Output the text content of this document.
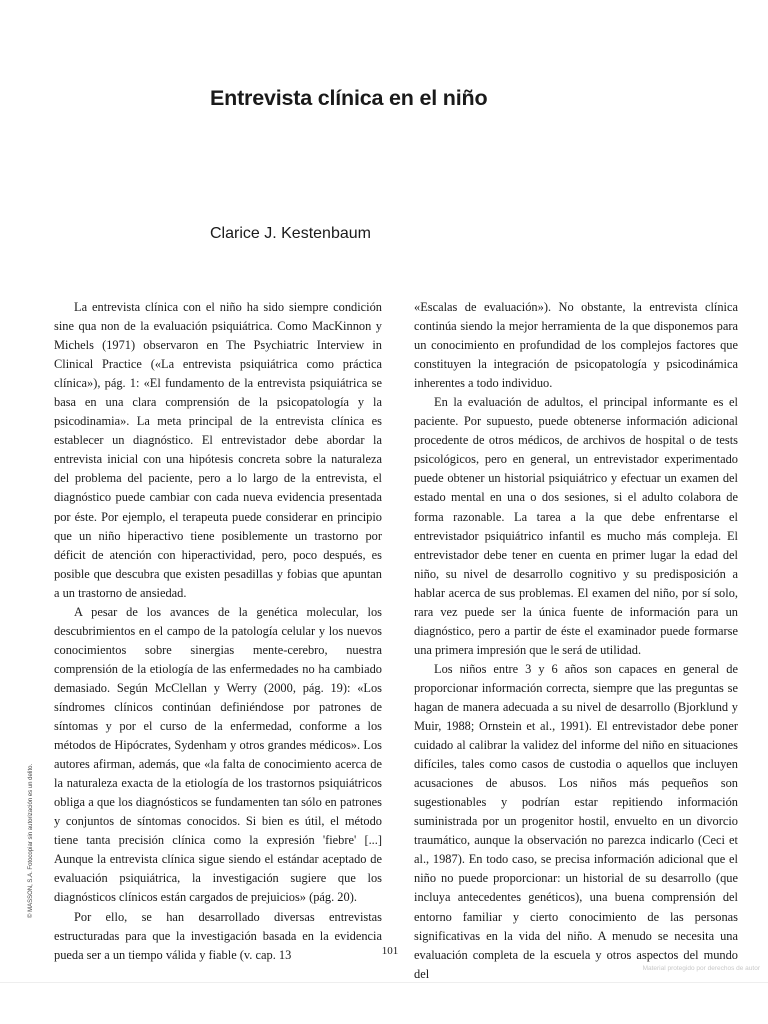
Entrevista clínica en el niño
Clarice J. Kestenbaum

La entrevista clínica con el niño ha sido siempre condición sine qua non de la evaluación psiquiátrica. Como MacKinnon y Michels (1971) observaron en The Psychiatric Interview in Clinical Practice («La entrevista psiquiátrica como práctica clínica»), pág. 1: «El fundamento de la entrevista psiquiátrica se basa en una clara comprensión de la psicopatología y la psicodinamia». La meta principal de la entrevista clínica es establecer un diagnóstico. El entrevistador debe abordar la entrevista inicial con una hipótesis concreta sobre la naturaleza del problema del paciente, pero a lo largo de la entrevista, el diagnóstico puede cambiar con cada nueva evidencia presentada por éste. Por ejemplo, el terapeuta puede considerar en principio que un niño hiperactivo tiene posiblemente un trastorno por déficit de atención con hiperactividad, pero, poco después, es posible que descubra que existen pesadillas y fobias que apuntan a un trastorno de ansiedad.

A pesar de los avances de la genética molecular, los descubrimientos en el campo de la patología celular y los nuevos conocimientos sobre sinergias mente-cerebro, nuestra comprensión de la etiología de las enfermedades no ha cambiado demasiado. Según McClellan y Werry (2000, pág. 19): «Los síndromes clínicos continúan definiéndose por patrones de síntomas y por el curso de la enfermedad, conforme a los métodos de Hipócrates, Sydenham y otros grandes médicos». Los autores afirman, además, que «la falta de conocimiento acerca de la naturaleza exacta de la etiología de los trastornos psiquiátricos obliga a que los diagnósticos se fundamenten tan sólo en patrones y conjuntos de síntomas conocidos. Si bien es útil, el método tiene tanta precisión clínica como la expresión 'fiebre' [...] Aunque la entrevista clínica sigue siendo el estándar aceptado de evaluación psiquiátrica, la investigación sugiere que los diagnósticos clínicos están cargados de prejuicios» (pág. 20).

Por ello, se han desarrollado diversas entrevistas estructuradas para que la investigación basada en la evidencia pueda ser a un tiempo válida y fiable (v. cap. 13

«Escalas de evaluación»). No obstante, la entrevista clínica continúa siendo la mejor herramienta de la que disponemos para un conocimiento en profundidad de los complejos factores que constituyen la integración de psicopatología y psicodinámica inherentes a todo individuo.

En la evaluación de adultos, el principal informante es el paciente. Por supuesto, puede obtenerse información adicional procedente de otros médicos, de archivos de hospital o de tests psicológicos, pero en general, un entrevistador experimentado puede obtener un historial psiquiátrico y efectuar un examen del estado mental en una o dos sesiones, si el adulto colabora de forma razonable. La tarea a la que debe enfrentarse el entrevistador psiquiátrico infantil es mucho más compleja. El entrevistador debe tener en cuenta en primer lugar la edad del niño, su nivel de desarrollo cognitivo y su predisposición a hablar acerca de sus problemas. El examen del niño, por sí solo, rara vez puede ser la única fuente de información para un diagnóstico, pero a partir de éste el examinador puede formarse una primera impresión que le será de utilidad.

Los niños entre 3 y 6 años son capaces en general de proporcionar información correcta, siempre que las preguntas se hagan de manera adecuada a su nivel de desarrollo (Bjorklund y Muir, 1988; Ornstein et al., 1991). El entrevistador debe poner cuidado al calibrar la validez del informe del niño en situaciones difíciles, tales como casos de custodia o aquellos que incluyen acusaciones de abusos. Los niños más pequeños son sugestionables y podrían estar repitiendo información suministrada por un progenitor hostil, envuelto en un divorcio traumático, aunque la observación no parezca indicarlo (Ceci et al., 1987). En todo caso, se precisa información adicional que el niño no puede proporcionar: un historial de su desarrollo (que incluya antecedentes genéticos), una buena comprensión del entorno familiar y cierto conocimiento de las personas significativas en la vida del niño. A menudo se necesita una evaluación completa de la escuela y otros aspectos del mundo del

101
© MASSON, S.A. Fotocopiar sin autorización es un delito.
Material protegido por derechos de autor
